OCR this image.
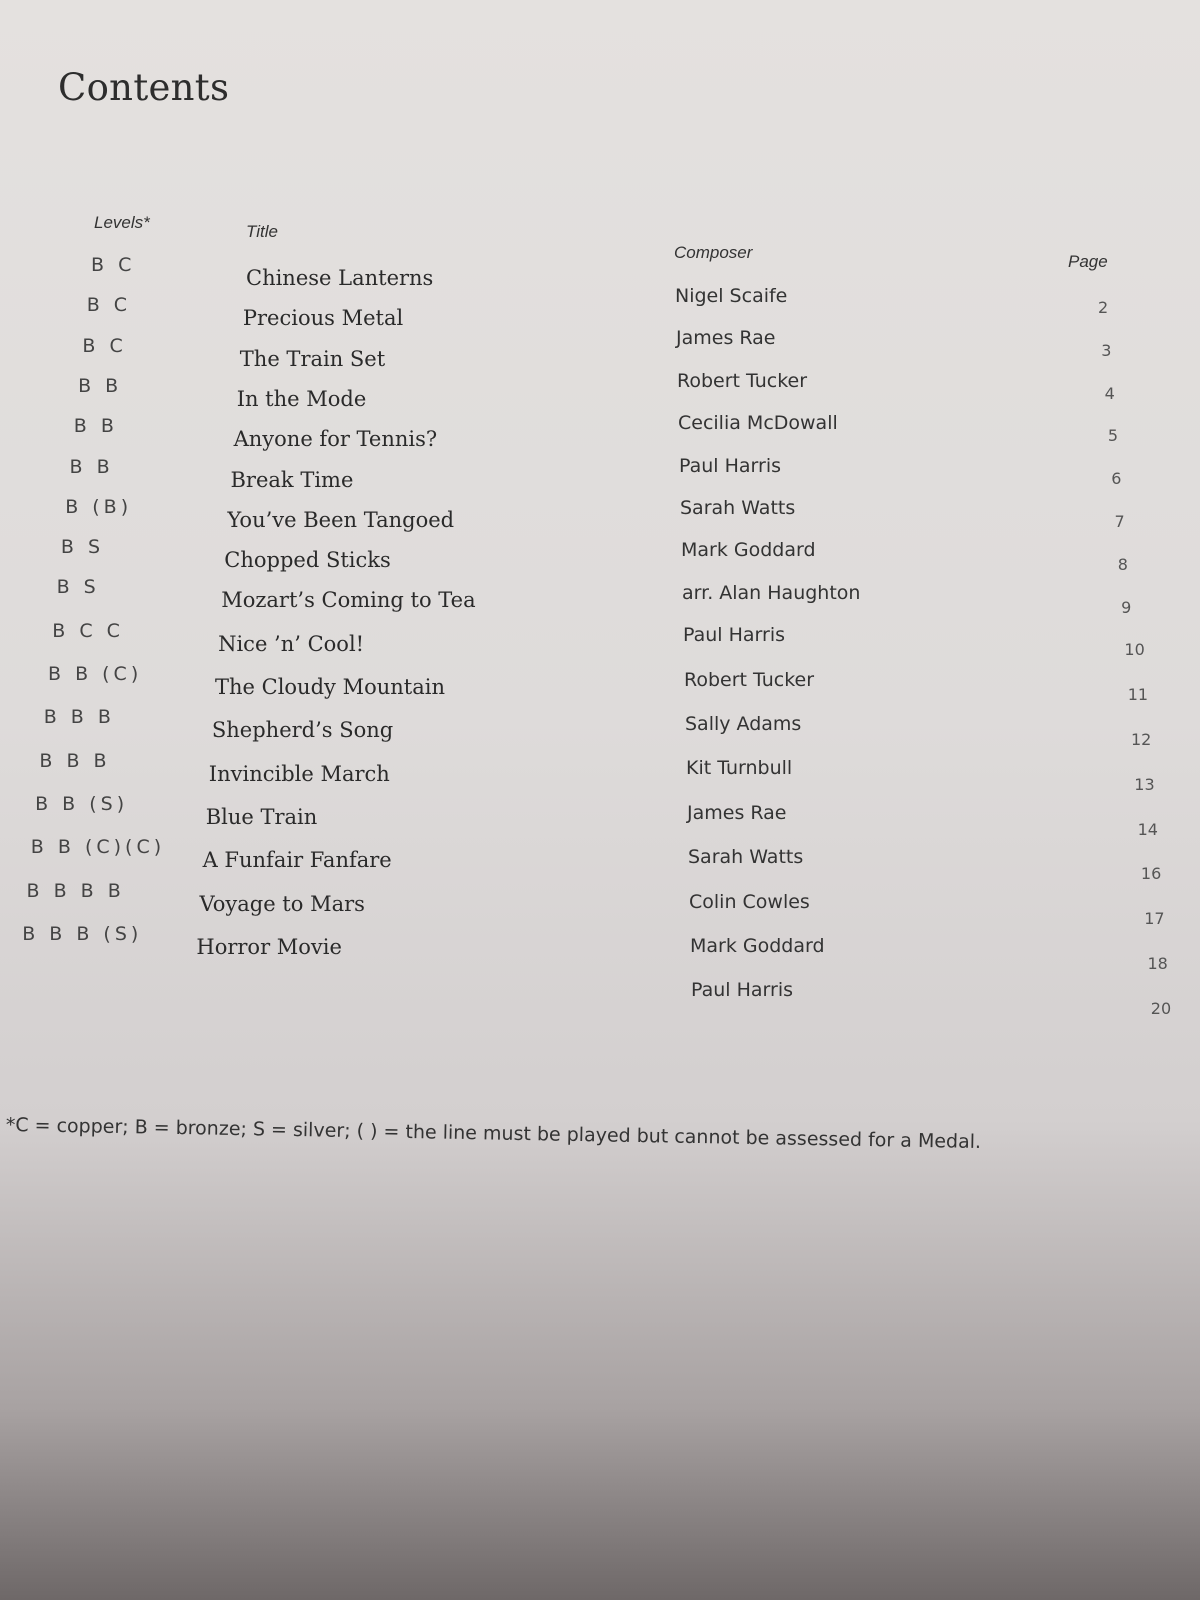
Contents
Levels*	Title
Composer	Page
B C
Chinese Lanterns
Nigel Scaife
2
B C
Precious Metal
James Rae
3
B C
The Train Set
Robert Tucker
4
B B
In the Mode
Cecilia McDowall
5
B B
Anyone for Tennis?
Paul Harris
6
B B
Break Time
Sarah Watts
7
B (B)
You’ve Been Tangoed
Mark Goddard
8
B S
Chopped Sticks
arr. Alan Haughton
9
B S
Mozart’s Coming to Tea
Paul Harris
10
B C C
Nice ’n’ Cool!
Robert Tucker
11
B B (C)
The Cloudy Mountain
Sally Adams
12
B B B
Shepherd’s Song
Kit Turnbull
13
B B B
Invincible March
James Rae
14
B B (S)
Blue Train
Sarah Watts
16
B B (C)(C)
A Funfair Fanfare
Colin Cowles
17
B B B B
Voyage to Mars
Mark Goddard
18
B B B (S)
Horror Movie
Paul Harris
20

*C = copper; B = bronze; S = silver; ( ) = the line must be played but cannot be assessed for a Medal.
